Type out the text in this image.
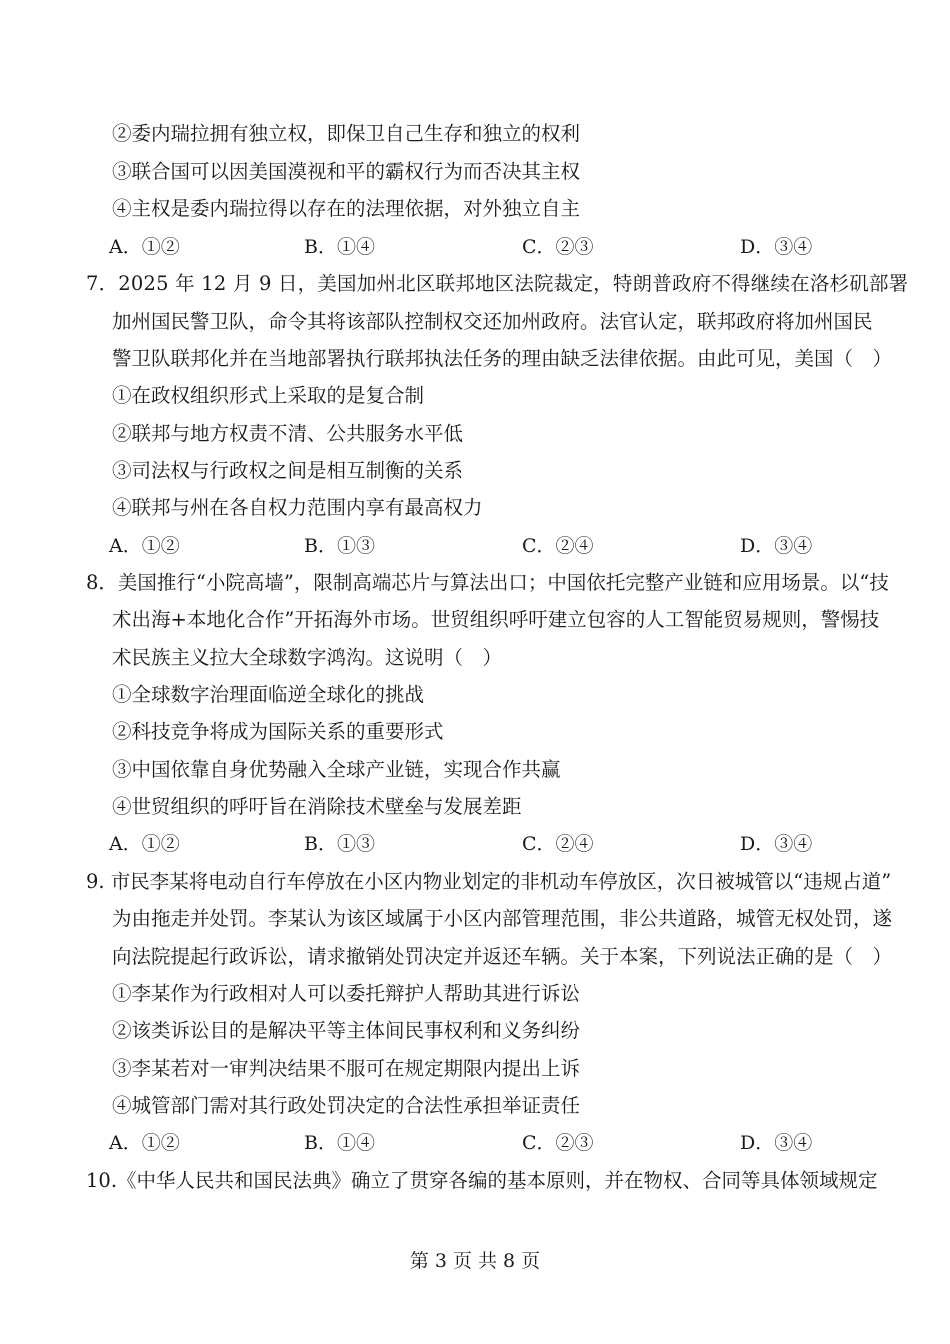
②委内瑞拉拥有独立权，即保卫自己生存和独立的权利
③联合国可以因美国漠视和平的霸权行为而否决其主权
④主权是委内瑞拉得以存在的法理依据，对外独立自主
A．①②	B．①④	C．②③	D．③④
7．2025 年 12 月 9 日，美国加州北区联邦地区法院裁定，特朗普政府不得继续在洛杉矶部署
加州国民警卫队，命令其将该部队控制权交还加州政府。法官认定，联邦政府将加州国民
警卫队联邦化并在当地部署执行联邦执法任务的理由缺乏法律依据。由此可见，美国（　）
①在政权组织形式上采取的是复合制
②联邦与地方权责不清、公共服务水平低
③司法权与行政权之间是相互制衡的关系
④联邦与州在各自权力范围内享有最高权力
A．①②	B．①③	C．②④	D．③④
8．美国推行“小院高墙”，限制高端芯片与算法出口；中国依托完整产业链和应用场景。以“技
术出海+本地化合作”开拓海外市场。世贸组织呼吁建立包容的人工智能贸易规则，警惕技
术民族主义拉大全球数字鸿沟。这说明（　）
①全球数字治理面临逆全球化的挑战
②科技竞争将成为国际关系的重要形式
③中国依靠自身优势融入全球产业链，实现合作共赢
④世贸组织的呼吁旨在消除技术壁垒与发展差距
A．①②	B．①③	C．②④	D．③④
9. 市民李某将电动自行车停放在小区内物业划定的非机动车停放区，次日被城管以“违规占道”
为由拖走并处罚。李某认为该区域属于小区内部管理范围，非公共道路，城管无权处罚，遂
向法院提起行政诉讼，请求撤销处罚决定并返还车辆。关于本案，下列说法正确的是（　）
①李某作为行政相对人可以委托辩护人帮助其进行诉讼
②该类诉讼目的是解决平等主体间民事权利和义务纠纷
③李某若对一审判决结果不服可在规定期限内提出上诉
④城管部门需对其行政处罚决定的合法性承担举证责任
A．①②	B．①④	C．②③	D．③④
10.《中华人民共和国民法典》确立了贯穿各编的基本原则，并在物权、合同等具体领域规定
第 3 页 共 8 页
